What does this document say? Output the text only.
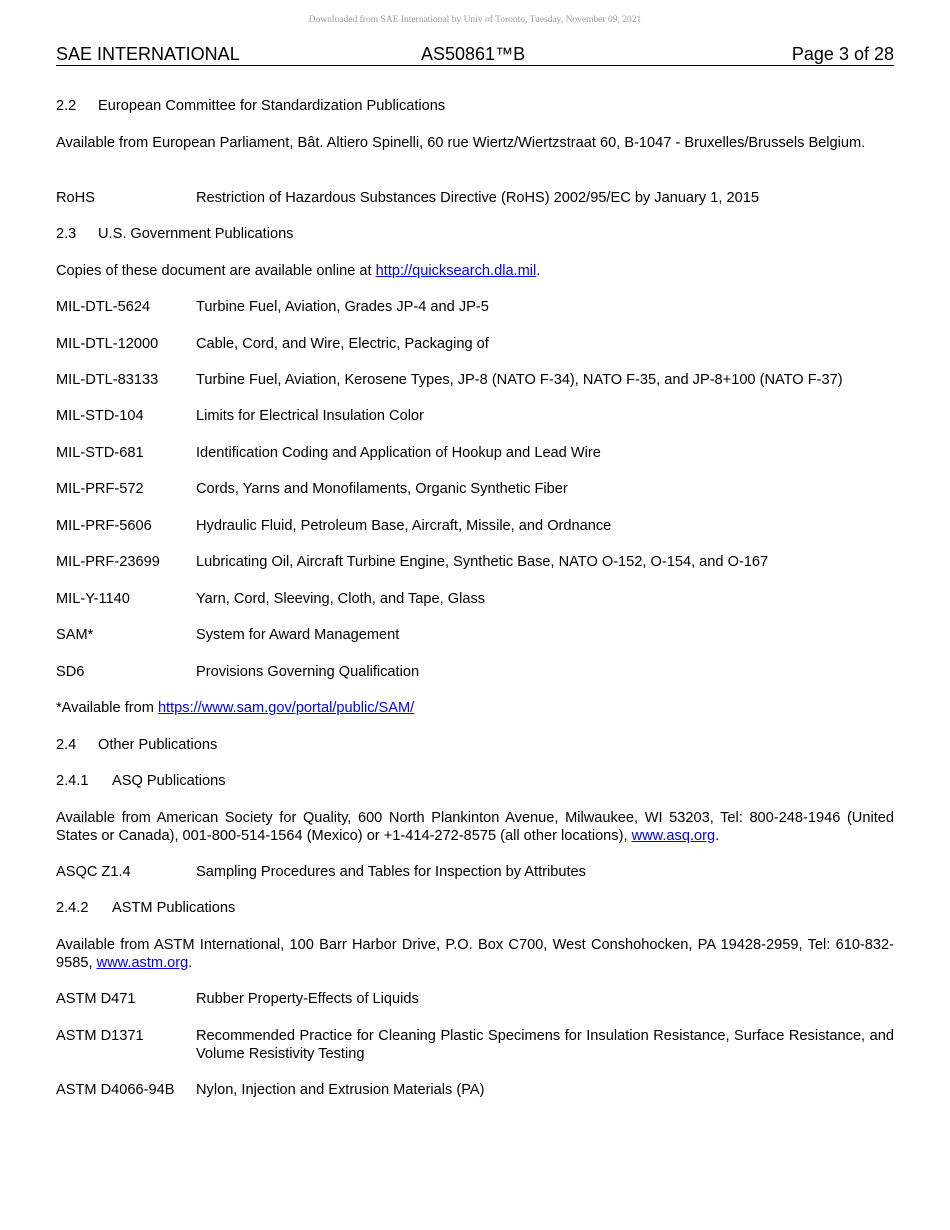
Downloaded from SAE International by Univ of Toronto, Tuesday, November 09, 2021
SAE INTERNATIONAL	AS50861™B	Page 3 of 28
2.2 European Committee for Standardization Publications
Available from European Parliament, Bât. Altiero Spinelli, 60 rue Wiertz/Wiertzstraat 60, B-1047 - Bruxelles/Brussels Belgium.
RoHS	Restriction of Hazardous Substances Directive (RoHS) 2002/95/EC by January 1, 2015
2.3 U.S. Government Publications
Copies of these document are available online at http://quicksearch.dla.mil.
MIL-DTL-5624	Turbine Fuel, Aviation, Grades JP-4 and JP-5
MIL-DTL-12000	Cable, Cord, and Wire, Electric, Packaging of
MIL-DTL-83133	Turbine Fuel, Aviation, Kerosene Types, JP-8 (NATO F-34), NATO F-35, and JP-8+100 (NATO F-37)
MIL-STD-104	Limits for Electrical Insulation Color
MIL-STD-681	Identification Coding and Application of Hookup and Lead Wire
MIL-PRF-572	Cords, Yarns and Monofilaments, Organic Synthetic Fiber
MIL-PRF-5606	Hydraulic Fluid, Petroleum Base, Aircraft, Missile, and Ordnance
MIL-PRF-23699 Lubricating Oil, Aircraft Turbine Engine, Synthetic Base, NATO O-152, O-154, and O-167
MIL-Y-1140	Yarn, Cord, Sleeving, Cloth, and Tape, Glass
SAM*	System for Award Management
SD6	Provisions Governing Qualification
*Available from https://www.sam.gov/portal/public/SAM/
2.4 Other Publications
2.4.1 ASQ Publications
Available from American Society for Quality, 600 North Plankinton Avenue, Milwaukee, WI 53203, Tel: 800-248-1946 (United States or Canada), 001-800-514-1564 (Mexico) or +1-414-272-8575 (all other locations), www.asq.org.
ASQC Z1.4	Sampling Procedures and Tables for Inspection by Attributes
2.4.2 ASTM Publications
Available from ASTM International, 100 Barr Harbor Drive, P.O. Box C700, West Conshohocken, PA 19428-2959, Tel: 610-832-9585, www.astm.org.
ASTM D471	Rubber Property-Effects of Liquids
ASTM D1371	Recommended Practice for Cleaning Plastic Specimens for Insulation Resistance, Surface Resistance, and Volume Resistivity Testing
ASTM D4066-94B Nylon, Injection and Extrusion Materials (PA)
